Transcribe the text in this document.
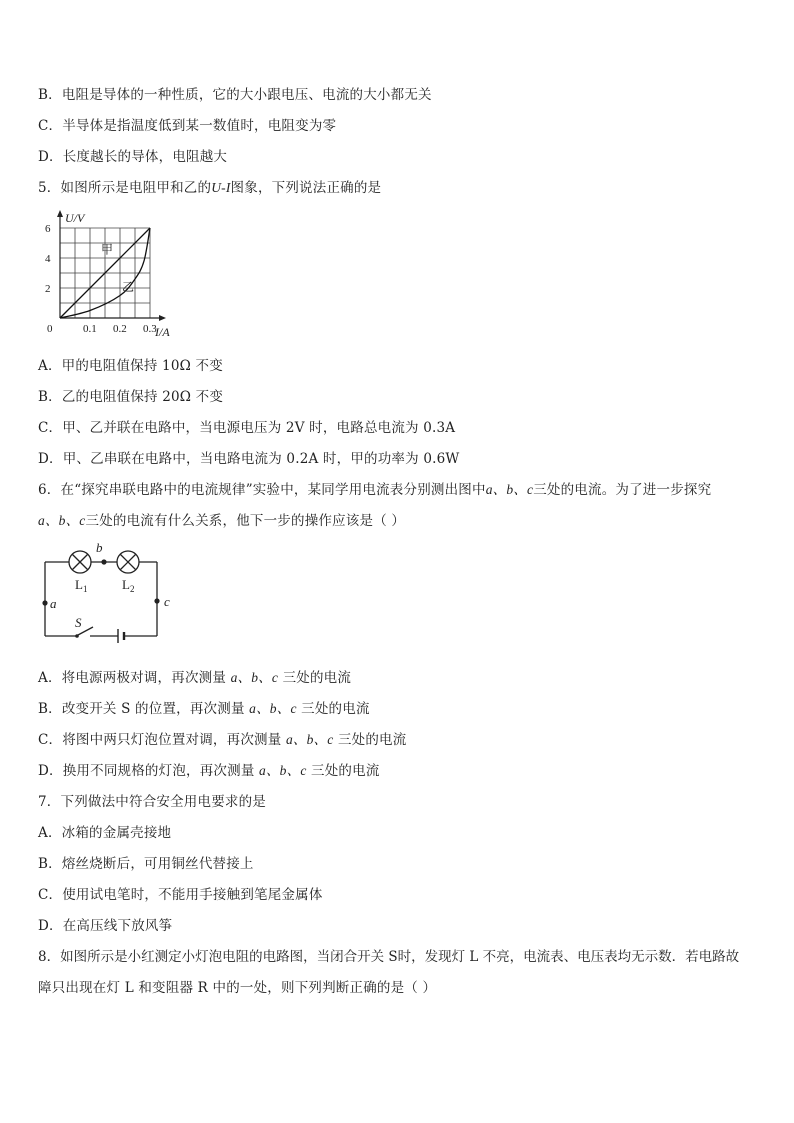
B．电阻是导体的一种性质，它的大小跟电压、电流的大小都无关
C．半导体是指温度低到某一数值时，电阻变为零
D．长度越长的导体，电阻越大
5．如图所示是电阻甲和乙的U-I图象，下列说法正确的是
甲
乙
0.1 0.2 0.3
2
4
6
0
U/V
I/A
A．甲的电阻值保持 10Ω 不变
B．乙的电阻值保持 20Ω 不变
C．甲、乙并联在电路中，当电源电压为 2V 时，电路总电流为 0.3A
D．甲、乙串联在电路中，当电路电流为 0.2A 时，甲的功率为 0.6W
6．在“探究串联电路中的电流规律”实验中，某同学用电流表分别测出图中a、b、c三处的电流。为了进一步探究
a、b、c三处的电流有什么关系，他下一步的操作应该是（ ）
b
a	c
S
$L_1$	$L_2$
A．将电源两极对调，再次测量 a、b、c 三处的电流
B．改变开关 S 的位置，再次测量 a、b、c 三处的电流
C．将图中两只灯泡位置对调，再次测量 a、b、c 三处的电流
D．换用不同规格的灯泡，再次测量 a、b、c 三处的电流
7．下列做法中符合安全用电要求的是
A．冰箱的金属壳接地
B．熔丝烧断后，可用铜丝代替接上
C．使用试电笔时，不能用手接触到笔尾金属体
D．在高压线下放风筝
8．如图所示是小红测定小灯泡电阻的电路图，当闭合开关 S时，发现灯 L 不亮，电流表、电压表均无示数．若电路故
障只出现在灯 L 和变阻器 R 中的一处，则下列判断正确的是（ ）
